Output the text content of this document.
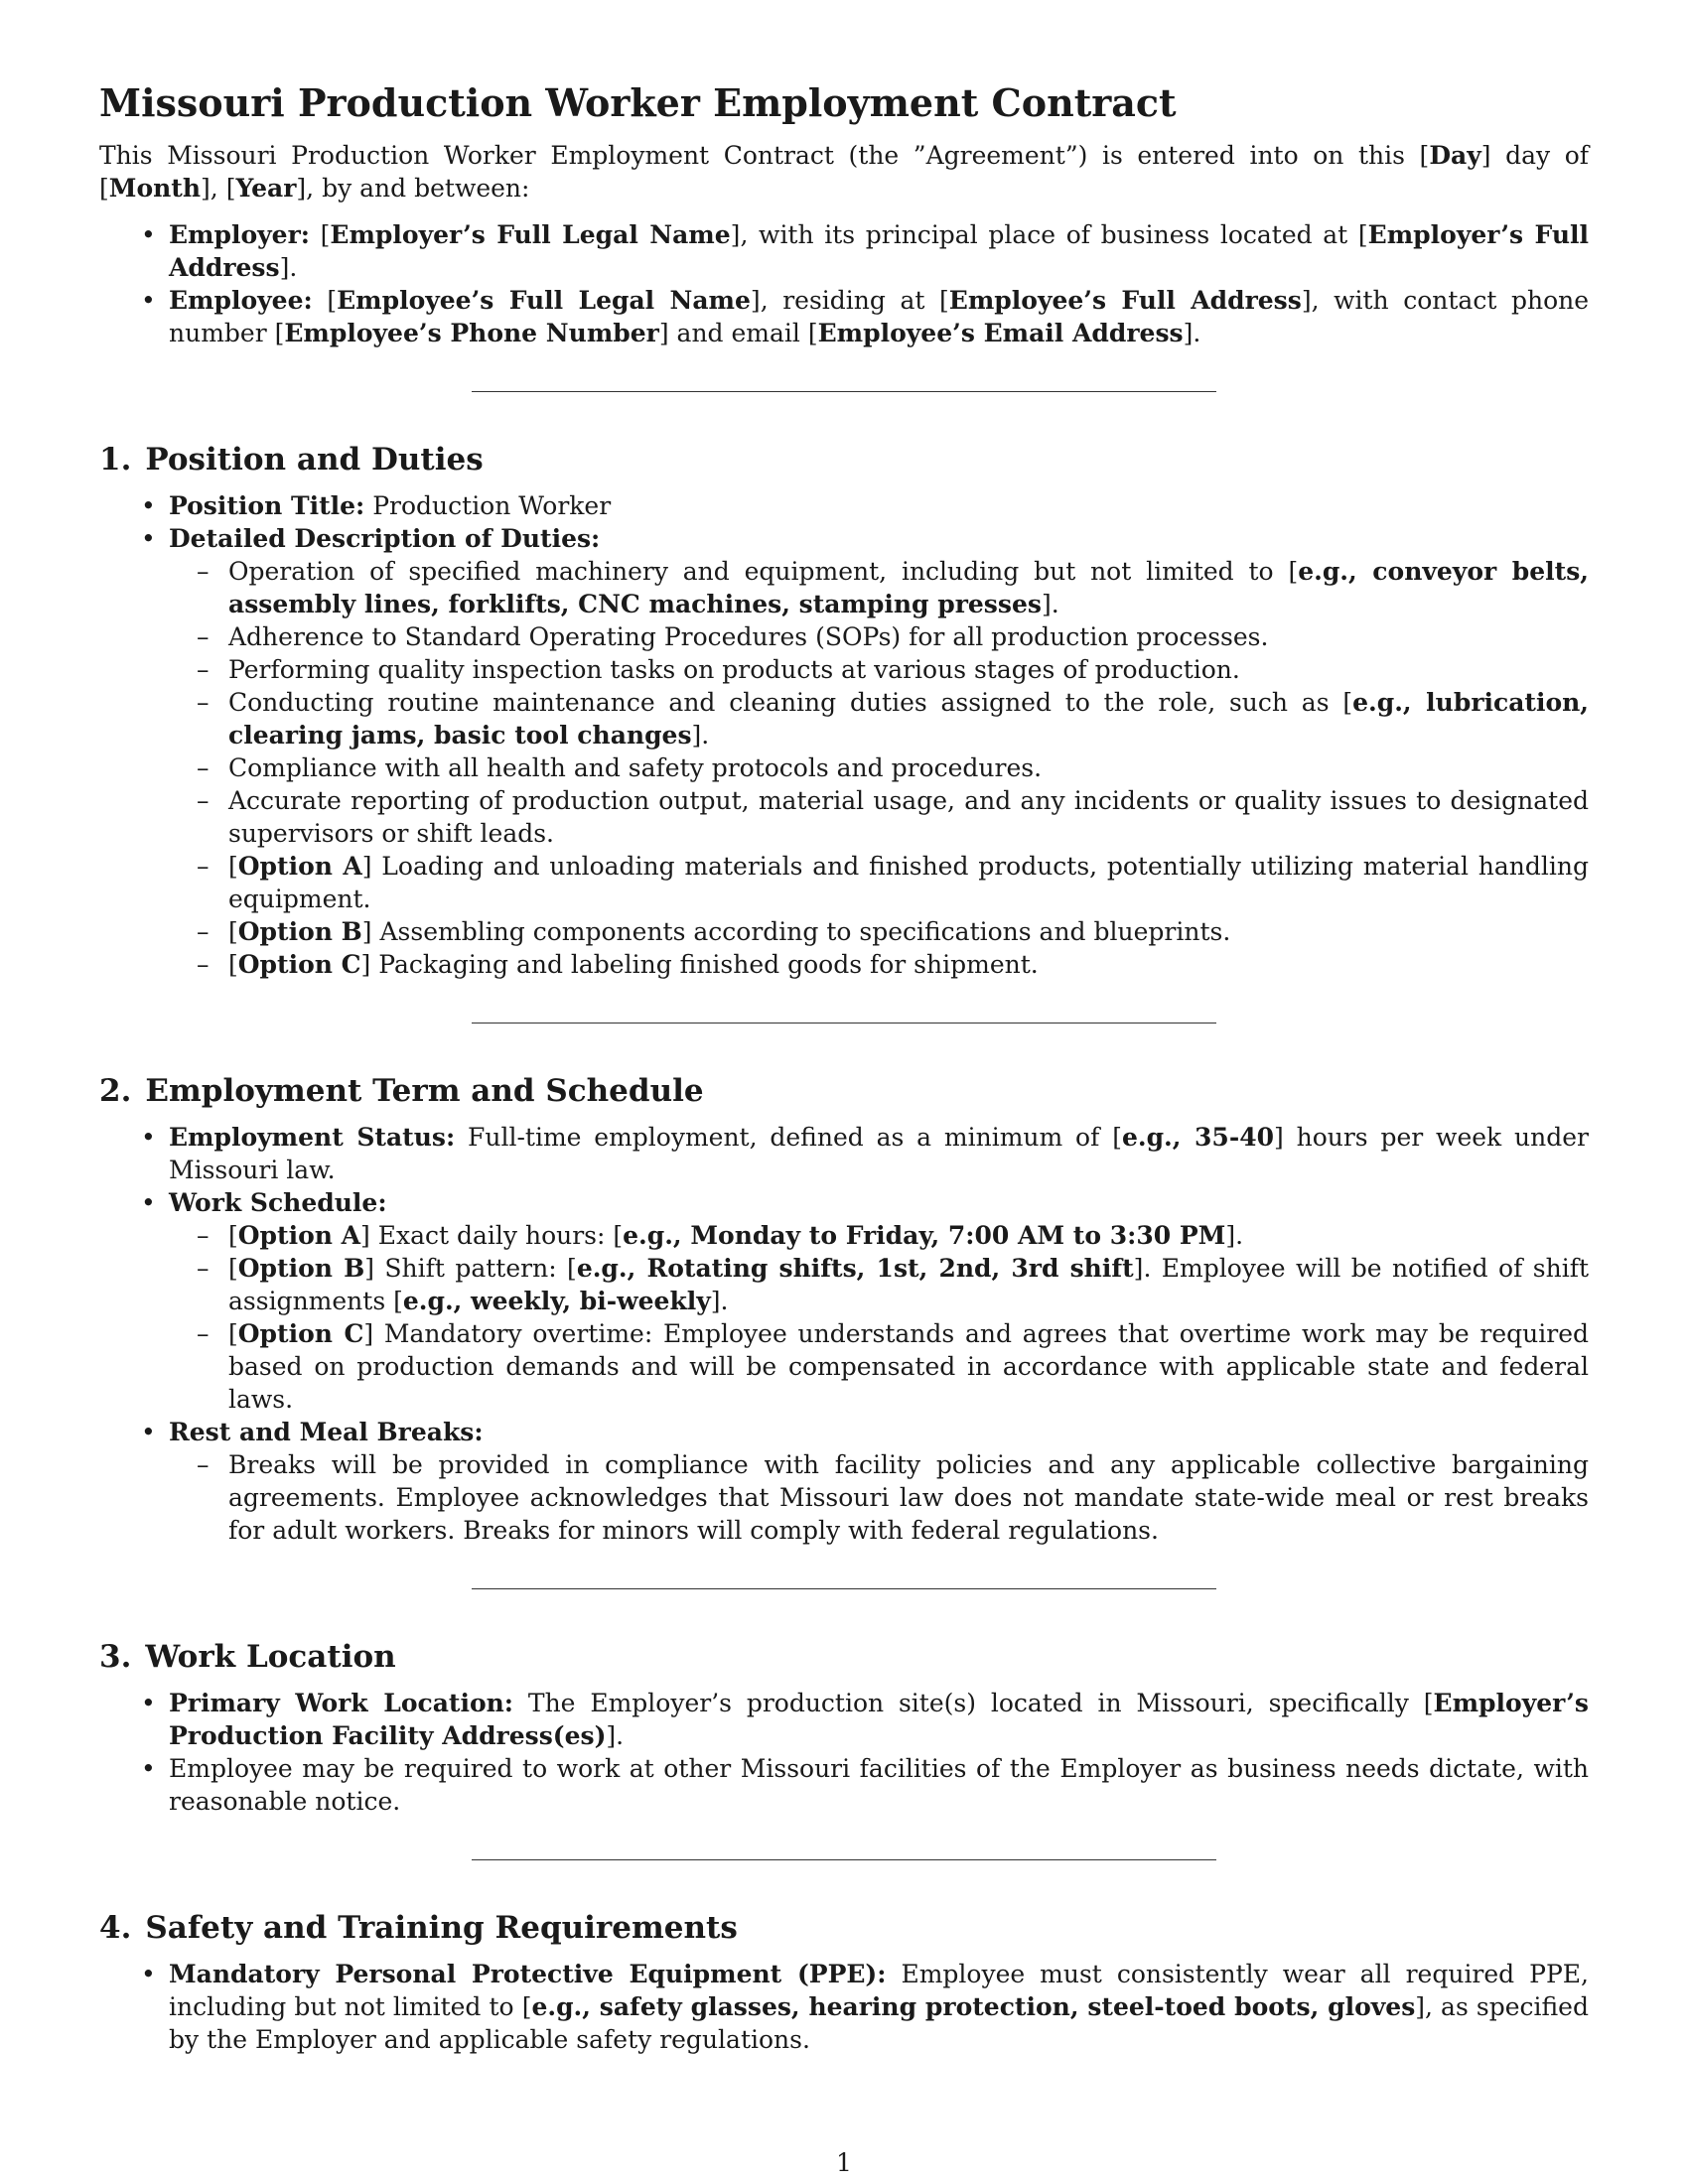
Missouri Production Worker Employment Contract

This Missouri Production Worker Employment Contract (the ”Agreement”) is entered into on this [Day] day of [Month], [Year], by and between:

• Employer: [Employer’s Full Legal Name], with its principal place of business located at [Employer’s Full Address].
• Employee: [Employee’s Full Legal Name], residing at [Employee’s Full Address], with contact phone number [Employee’s Phone Number] and email [Employee’s Email Address].
1. Position and Duties
• Position Title: Production Worker
• Detailed Description of Duties:
– Operation of specified machinery and equipment, including but not limited to [e.g., conveyor belts, assembly lines, forklifts, CNC machines, stamping presses].
– Adherence to Standard Operating Procedures (SOPs) for all production processes.
– Performing quality inspection tasks on products at various stages of production.
– Conducting routine maintenance and cleaning duties assigned to the role, such as [e.g., lubrication, clearing jams, basic tool changes].
– Compliance with all health and safety protocols and procedures.
– Accurate reporting of production output, material usage, and any incidents or quality issues to designated supervisors or shift leads.
– [Option A] Loading and unloading materials and finished products, potentially utilizing material handling equipment.
– [Option B] Assembling components according to specifications and blueprints.
– [Option C] Packaging and labeling finished goods for shipment.
2. Employment Term and Schedule
• Employment Status: Full-time employment, defined as a minimum of [e.g., 35-40] hours per week under Missouri law.
• Work Schedule:
– [Option A] Exact daily hours: [e.g., Monday to Friday, 7:00 AM to 3:30 PM].
– [Option B] Shift pattern: [e.g., Rotating shifts, 1st, 2nd, 3rd shift]. Employee will be notified of shift assignments [e.g., weekly, bi-weekly].
– [Option C] Mandatory overtime: Employee understands and agrees that overtime work may be required based on production demands and will be compensated in accordance with applicable state and federal laws.
• Rest and Meal Breaks:
– Breaks will be provided in compliance with facility policies and any applicable collective bargaining agreements. Employee acknowledges that Missouri law does not mandate state-wide meal or rest breaks for adult workers. Breaks for minors will comply with federal regulations.
3. Work Location
• Primary Work Location: The Employer’s production site(s) located in Missouri, specifically [Employer’s Production Facility Address(es)].
• Employee may be required to work at other Missouri facilities of the Employer as business needs dictate, with reasonable notice.
4. Safety and Training Requirements
• Mandatory Personal Protective Equipment (PPE): Employee must consistently wear all required PPE, including but not limited to [e.g., safety glasses, hearing protection, steel-toed boots, gloves], as specified by the Employer and applicable safety regulations.
1
